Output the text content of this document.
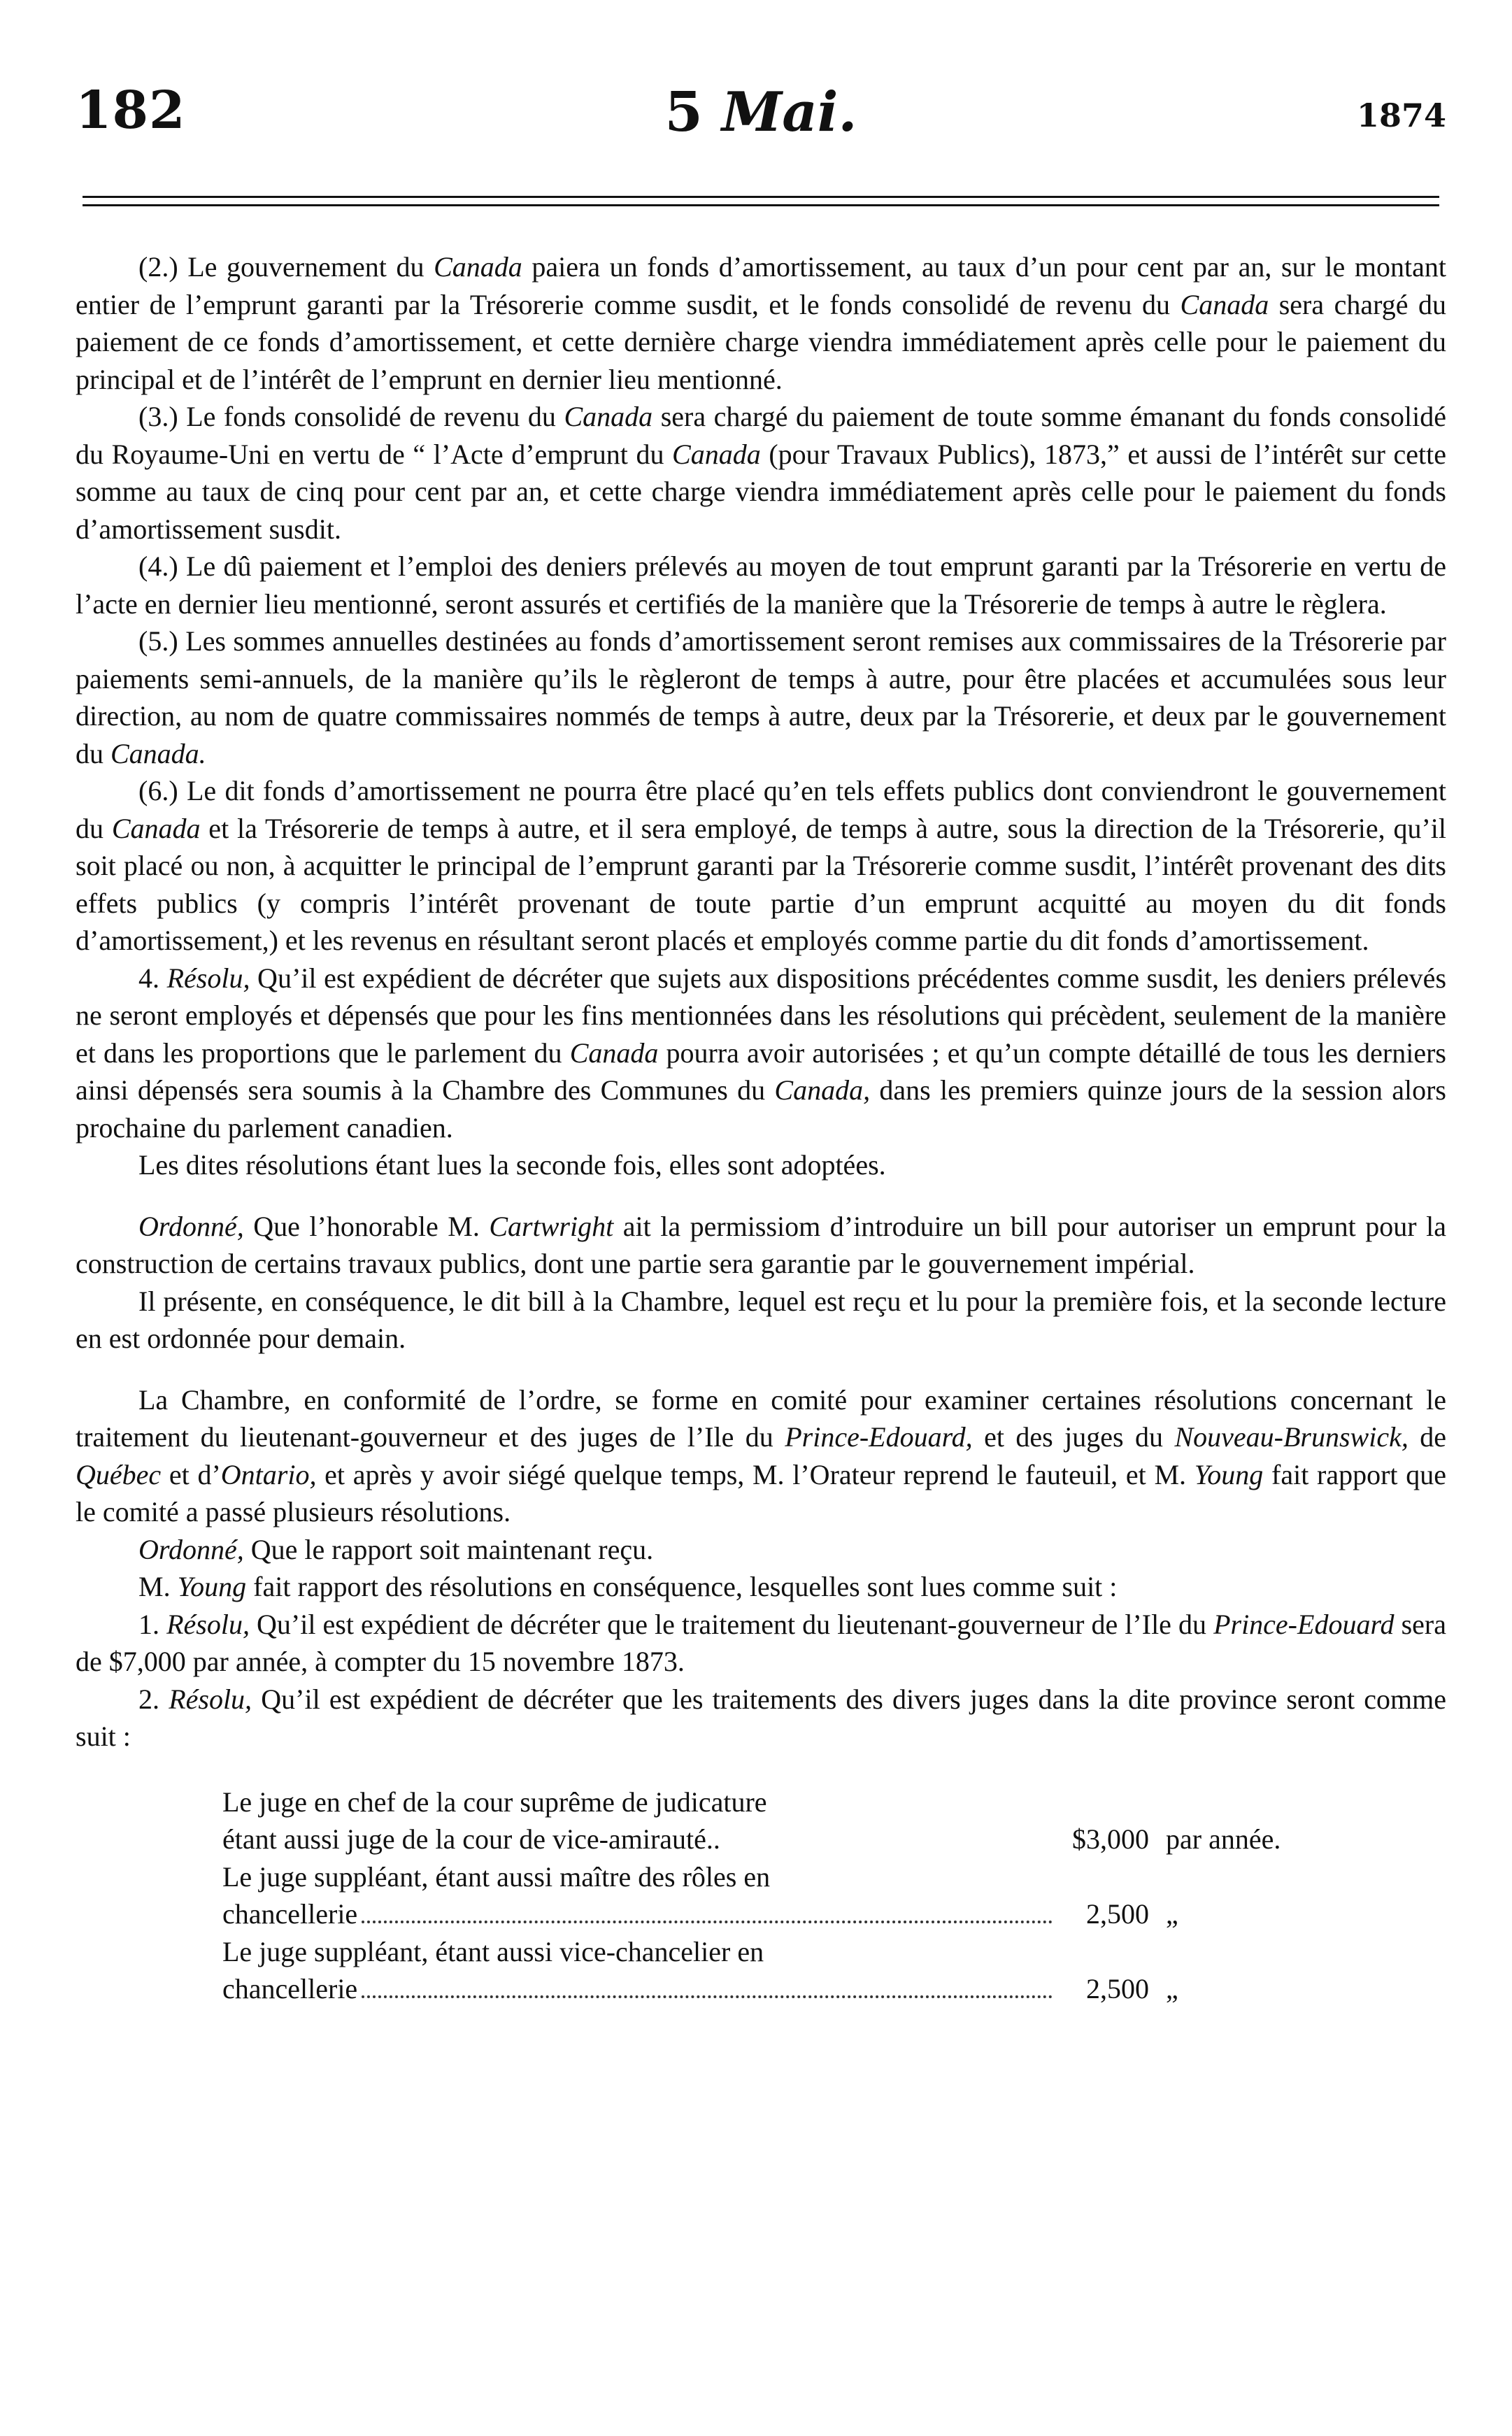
182	5 Mai.	1874

(2.) Le gouvernement du Canada paiera un fonds d’amortissement, au taux d’un pour cent par an, sur le montant entier de l’emprunt garanti par la Trésorerie comme susdit, et le fonds consolidé de revenu du Canada sera chargé du paiement de ce fonds d’amortissement, et cette dernière charge viendra immédiatement après celle pour le paiement du principal et de l’intérêt de l’emprunt en dernier lieu mentionné.

(3.) Le fonds consolidé de revenu du Canada sera chargé du paiement de toute somme émanant du fonds consolidé du Royaume-Uni en vertu de “ l’Acte d’emprunt du Canada (pour Travaux Publics), 1873,” et aussi de l’intérêt sur cette somme au taux de cinq pour cent par an, et cette charge viendra immédiatement après celle pour le paiement du fonds d’amortissement susdit.

(4.) Le dû paiement et l’emploi des deniers prélevés au moyen de tout emprunt garanti par la Trésorerie en vertu de l’acte en dernier lieu mentionné, seront assurés et certifiés de la manière que la Trésorerie de temps à autre le règlera.

(5.) Les sommes annuelles destinées au fonds d’amortissement seront remises aux commissaires de la Trésorerie par paiements semi-annuels, de la manière qu’ils le règleront de temps à autre, pour être placées et accumulées sous leur direction, au nom de quatre commissaires nommés de temps à autre, deux par la Trésorerie, et deux par le gouvernement du Canada.

(6.) Le dit fonds d’amortissement ne pourra être placé qu’en tels effets publics dont conviendront le gouvernement du Canada et la Trésorerie de temps à autre, et il sera employé, de temps à autre, sous la direction de la Trésorerie, qu’il soit placé ou non, à acquitter le principal de l’emprunt garanti par la Trésorerie comme susdit, l’intérêt provenant des dits effets publics (y compris l’intérêt provenant de toute partie d’un emprunt acquitté au moyen du dit fonds d’amortissement,) et les revenus en résultant seront placés et employés comme partie du dit fonds d’amortissement.

4. Résolu, Qu’il est expédient de décréter que sujets aux dispositions précédentes comme susdit, les deniers prélevés ne seront employés et dépensés que pour les fins mentionnées dans les résolutions qui précèdent, seulement de la manière et dans les proportions que le parlement du Canada pourra avoir autorisées ; et qu’un compte détaillé de tous les derniers ainsi dépensés sera soumis à la Chambre des Communes du Canada, dans les premiers quinze jours de la session alors prochaine du parlement canadien.

Les dites résolutions étant lues la seconde fois, elles sont adoptées.

Ordonné, Que l’honorable M. Cartwright ait la permissiom d’introduire un bill pour autoriser un emprunt pour la construction de certains travaux publics, dont une partie sera garantie par le gouvernement impérial.

Il présente, en conséquence, le dit bill à la Chambre, lequel est reçu et lu pour la première fois, et la seconde lecture en est ordonnée pour demain.

La Chambre, en conformité de l’ordre, se forme en comité pour examiner certaines résolutions concernant le traitement du lieutenant-gouverneur et des juges de l’Ile du Prince-Edouard, et des juges du Nouveau-Brunswick, de Québec et d’Ontario, et après y avoir siégé quelque temps, M. l’Orateur reprend le fauteuil, et M. Young fait rapport que le comité a passé plusieurs résolutions.

Ordonné, Que le rapport soit maintenant reçu.

M. Young fait rapport des résolutions en conséquence, lesquelles sont lues comme suit :

1. Résolu, Qu’il est expédient de décréter que le traitement du lieutenant-gouverneur de l’Ile du Prince-Edouard sera de $7,000 par année, à compter du 15 novembre 1873.

2. Résolu, Qu’il est expédient de décréter que les traitements des divers juges dans la dite province seront comme suit :

Le juge en chef de la cour suprême de judicature
étant aussi juge de la cour de vice-amirauté..	$3,000 par année.
Le juge suppléant, étant aussi maître des rôles en
chancellerie	2,500 „
Le juge suppléant, étant aussi vice-chancelier en
chancellerie	2,500 „
